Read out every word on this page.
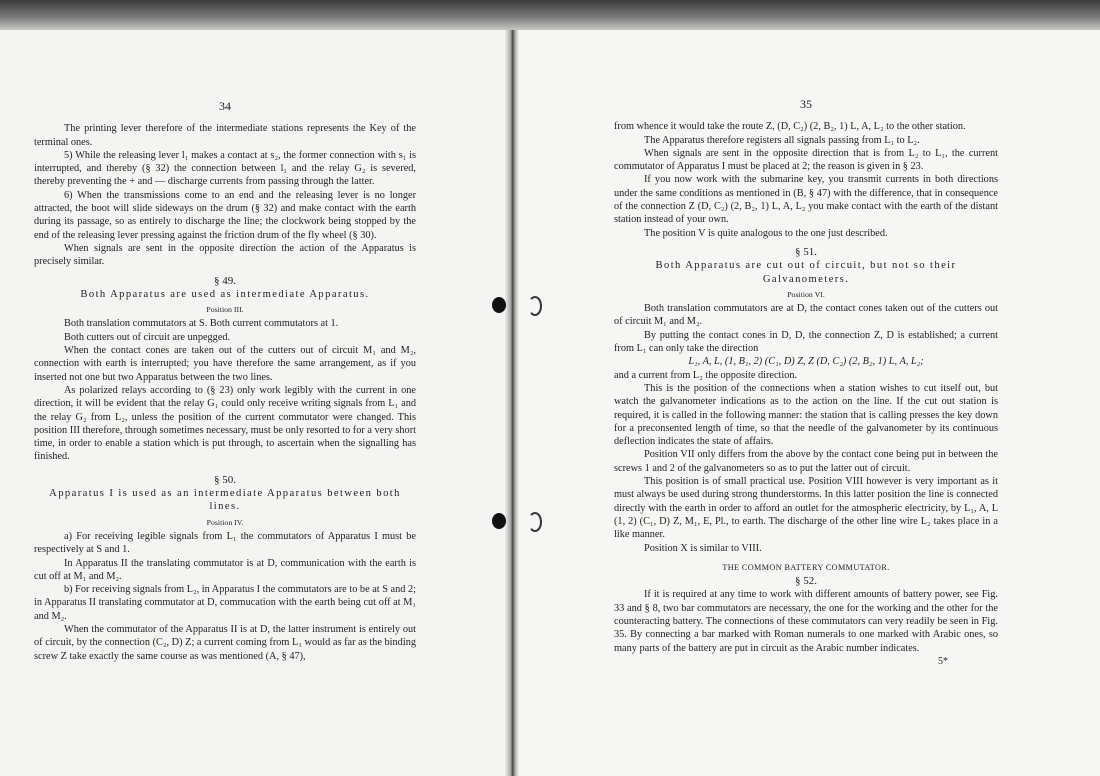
34

The printing lever therefore of the intermediate stations represents the Key of the terminal ones.

5) While the releasing lever l₁ makes a contact at s₂, the former connection with s₁ is interrupted, and thereby (§ 32) the connection between l₁ and the relay G₂ is severed, thereby preventing the + and — discharge currents from passing through the latter.

6) When the transmissions come to an end and the releasing lever is no longer attracted, the boot will slide sideways on the drum (§ 32) and make contact with the earth during its passage, so as entirely to discharge the line; the clockwork being stopped by the end of the releasing lever pressing against the friction drum of the fly wheel (§ 30).

When signals are sent in the opposite direction the action of the Apparatus is precisely similar.

§ 49.
Both Apparatus are used as intermediate Apparatus.
Position III.

Both translation commutators at S. Both current commutators at 1.

Both cutters out of circuit are unpegged.

When the contact cones are taken out of the cutters out of circuit M₁ and M₂, connection with earth is interrupted; you have therefore the same arrangement, as if you inserted not one but two Apparatus between the two lines.

As polarized relays according to (§ 23) only work legibly with the current in one direction, it will be evident that the relay G₁ could only receive writing signals from L₁ and the relay G₂ from L₂, unless the position of the current commutator were changed. This position III therefore, through sometimes necessary, must be only resorted to for a very short time, in order to enable a station which is put through, to ascertain when the signalling has finished.

§ 50.
Apparatus I is used as an intermediate Apparatus between both lines.
Position IV.

a) For receiving legible signals from L₁ the commutators of Apparatus I must be respectively at S and 1.

In Apparatus II the translating commutator is at D, communication with the earth is cut off at M₁ and M₂.

b) For receiving signals from L₂, in Apparatus I the commutators are to be at S and 2; in Apparatus II translating commutator at D, commucation with the earth being cut off at M₁ and M₂.

When the commutator of the Apparatus II is at D, the latter instrument is entirely out of circuit, by the connection (C₂, D) Z; a current coming from L₁ would as far as the binding screw Z take exactly the same course as was mentioned (A, § 47),

35

from whence it would take the route Z, (D, C₂) (2, B₂, 1) L, A, L₂ to the other station.

The Apparatus therefore registers all signals passing from L₁ to L₂.

When signals are sent in the opposite direction that is from L₂ to L₁, the current commutator of Apparatus I must be placed at 2; the reason is given in § 23.

If you now work with the submarine key, you transmit currents in both directions under the same conditions as mentioned in (B, § 47) with the difference, that in consequence of the connection Z (D, C₂) (2, B₂, 1) L, A, L₂ you make contact with the earth of the distant station instead of your own.

The position V is quite analogous to the one just described.

§ 51.
Both Apparatus are cut out of circuit, but not so their Galvanometers.
Position VI.

Both translation commutators are at D, the contact cones taken out of the cutters out of circuit M₁ and M₂.

By putting the contact cones in D, D, the connection Z, D is established; a current from L₁ can only take the direction

L₁, A, L, (1, B₁, 2) (C₁, D) Z, Z (D, C₂) (2, B₂, 1) L, A, L₂;

and a current from L₂ the opposite direction.

This is the position of the connections when a station wishes to cut itself out, but watch the galvanometer indications as to the action on the line. If the cut out station is required, it is called in the following manner: the station that is calling presses the key down for a preconsented length of time, so that the needle of the galvanometer by its continuous deflection indicates the state of affairs.

Position VII only differs from the above by the contact cone being put in between the screws 1 and 2 of the galvanometers so as to put the latter out of circuit.

This position is of small practical use. Position VIII however is very important as it must always be used during strong thunderstorms. In this latter position the line is connected directly with the earth in order to afford an outlet for the atmospheric electricity, by L₁, A, L (1, 2) (C₁, D) Z, M₁, E, Pl., to earth. The discharge of the other line wire L₂ takes place in a like manner.

Position X is similar to VIII.

THE COMMON BATTERY COMMUTATOR.
§ 52.

If it is required at any time to work with different amounts of battery power, see Fig. 33 and § 8, two bar commutators are necessary, the one for the working and the other for the counteracting battery. The connections of these commutators can very readily be seen in Fig. 35. By connecting a bar marked with Roman numerals to one marked with Arabic ones, so many parts of the battery are put in circuit as the Arabic number indicates.

5*
